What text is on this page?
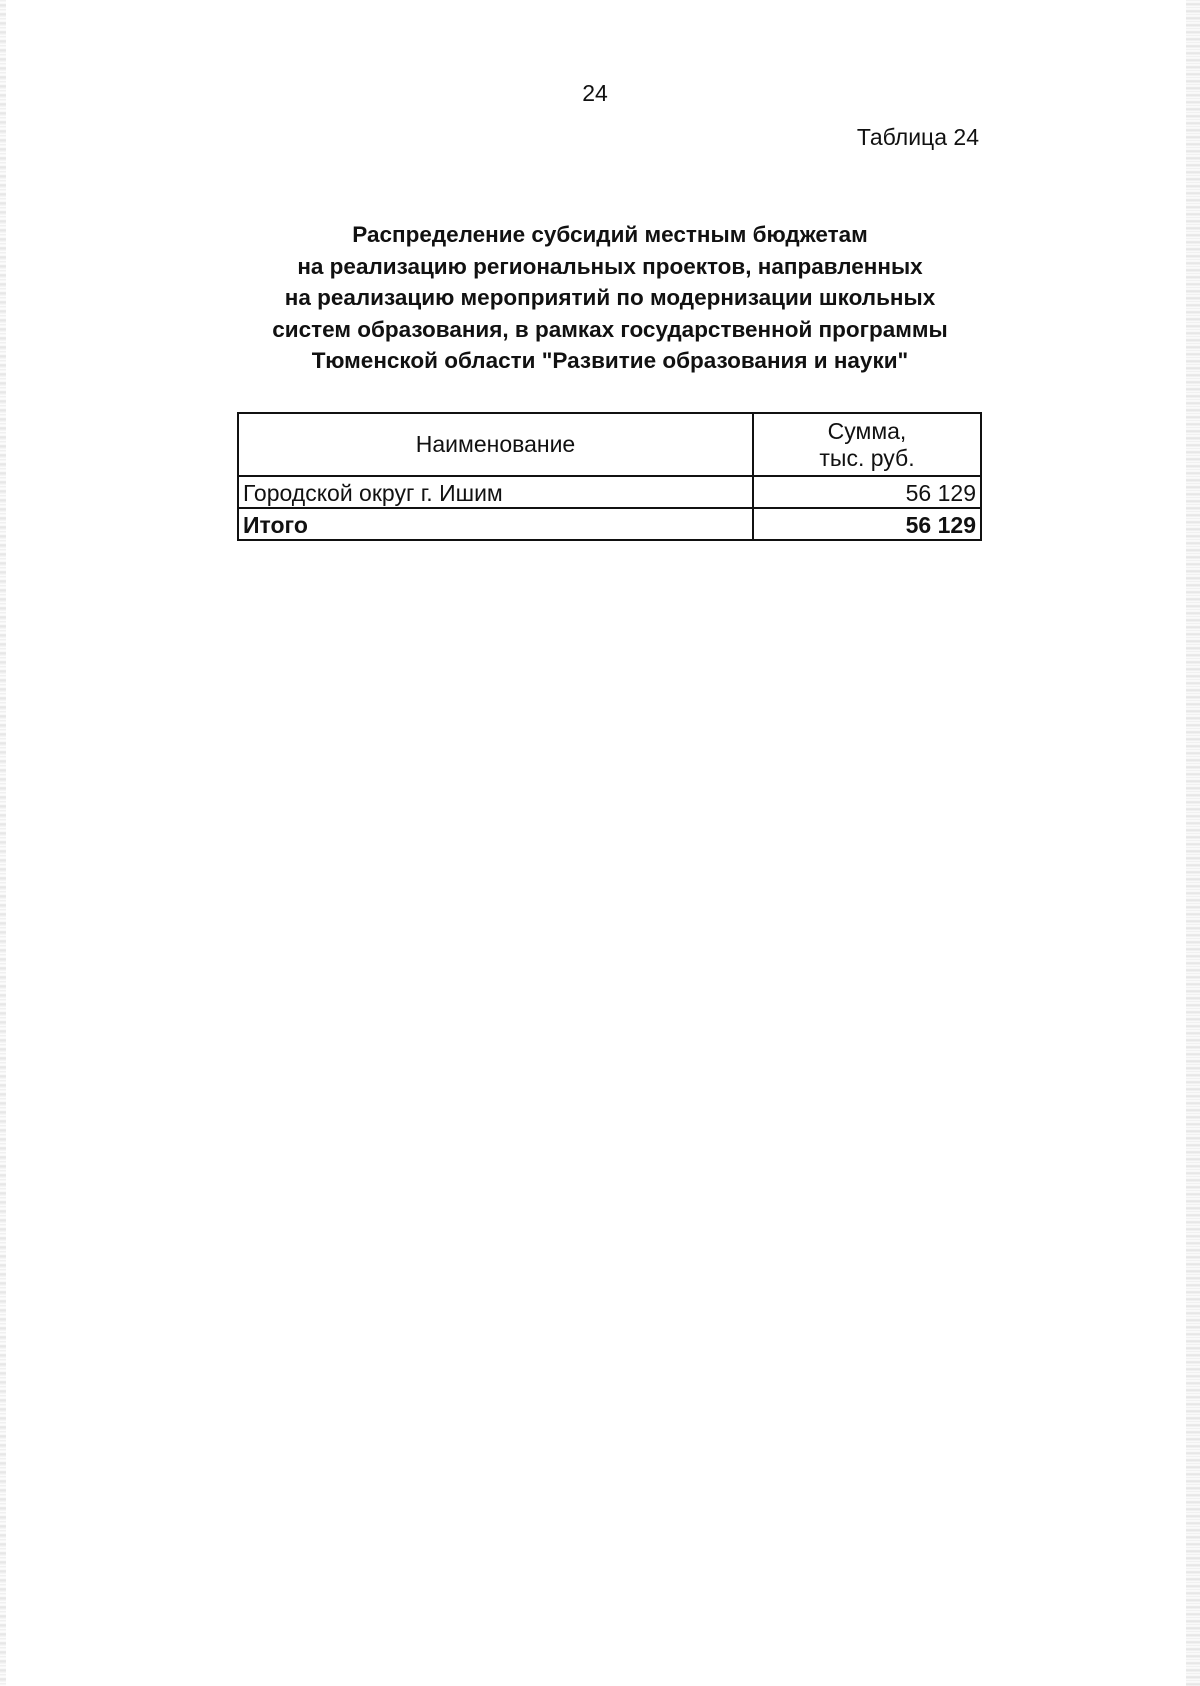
24
Таблица 24
Распределение субсидий местным бюджетам
на реализацию региональных проектов, направленных
на реализацию мероприятий по модернизации школьных
систем образования, в рамках государственной программы
Тюменской области "Развитие образования и науки"
Наименование	Сумма,
тыс. руб.

Городской округ г. Ишим	56 129
Итого	56 129
